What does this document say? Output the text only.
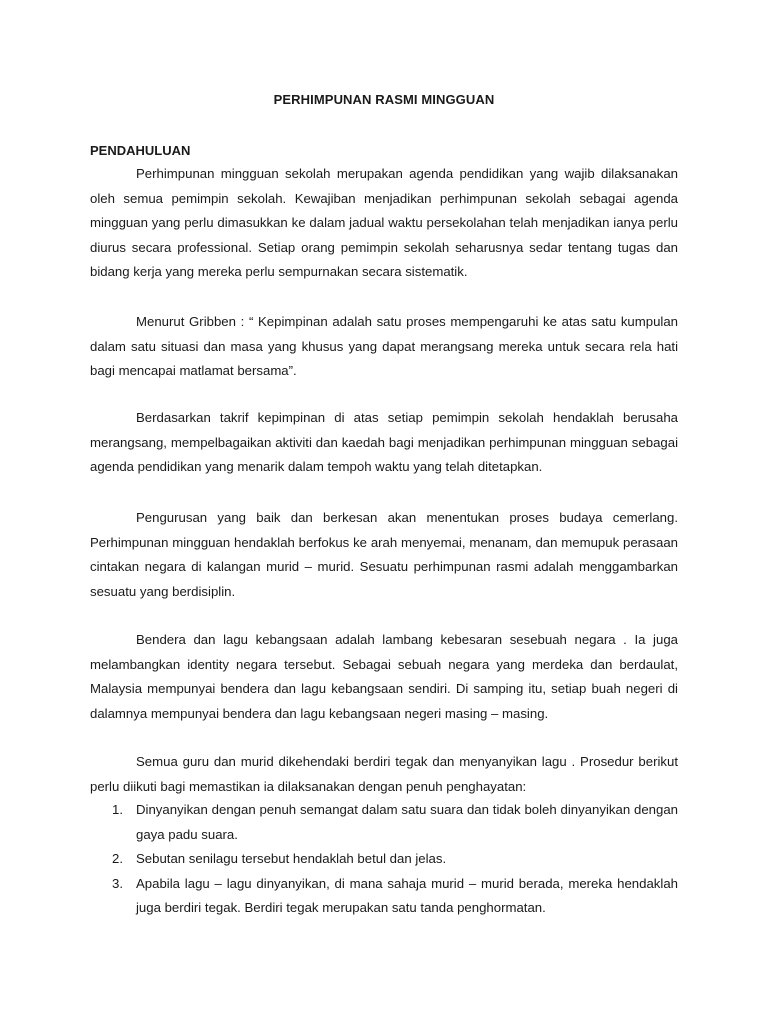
PERHIMPUNAN RASMI MINGGUAN
PENDAHULUAN

Perhimpunan mingguan sekolah merupakan agenda pendidikan yang wajib dilaksanakan oleh semua pemimpin sekolah. Kewajiban menjadikan perhimpunan sekolah sebagai agenda mingguan yang perlu dimasukkan ke dalam jadual waktu persekolahan telah menjadikan ianya perlu diurus secara professional. Setiap orang pemimpin sekolah seharusnya sedar tentang tugas dan bidang kerja yang mereka perlu sempurnakan secara sistematik.

Menurut Gribben : “ Kepimpinan adalah satu proses mempengaruhi ke atas satu kumpulan dalam satu situasi dan masa yang khusus yang dapat merangsang mereka untuk secara rela hati bagi mencapai matlamat bersama”.

Berdasarkan takrif kepimpinan di atas setiap pemimpin sekolah hendaklah berusaha merangsang, mempelbagaikan aktiviti dan kaedah bagi menjadikan perhimpunan mingguan sebagai agenda pendidikan yang menarik dalam tempoh waktu yang telah ditetapkan.

Pengurusan yang baik dan berkesan akan menentukan proses budaya cemerlang. Perhimpunan mingguan hendaklah berfokus ke arah menyemai, menanam, dan memupuk perasaan cintakan negara di kalangan murid – murid. Sesuatu perhimpunan rasmi adalah menggambarkan sesuatu yang berdisiplin.

Bendera dan lagu kebangsaan adalah lambang kebesaran sesebuah negara . Ia juga melambangkan identity negara tersebut. Sebagai sebuah negara yang merdeka dan berdaulat, Malaysia mempunyai bendera dan lagu kebangsaan sendiri. Di samping itu, setiap buah negeri di dalamnya mempunyai bendera dan lagu kebangsaan negeri masing – masing.

Semua guru dan murid dikehendaki berdiri tegak dan menyanyikan lagu . Prosedur berikut perlu diikuti bagi memastikan ia dilaksanakan dengan penuh penghayatan:

1. Dinyanyikan dengan penuh semangat dalam satu suara dan tidak boleh dinyanyikan dengan gaya padu suara.
2. Sebutan senilagu tersebut hendaklah betul dan jelas.
3. Apabila lagu – lagu dinyanyikan, di mana sahaja murid – murid berada, mereka hendaklah juga berdiri tegak. Berdiri tegak merupakan satu tanda penghormatan.
